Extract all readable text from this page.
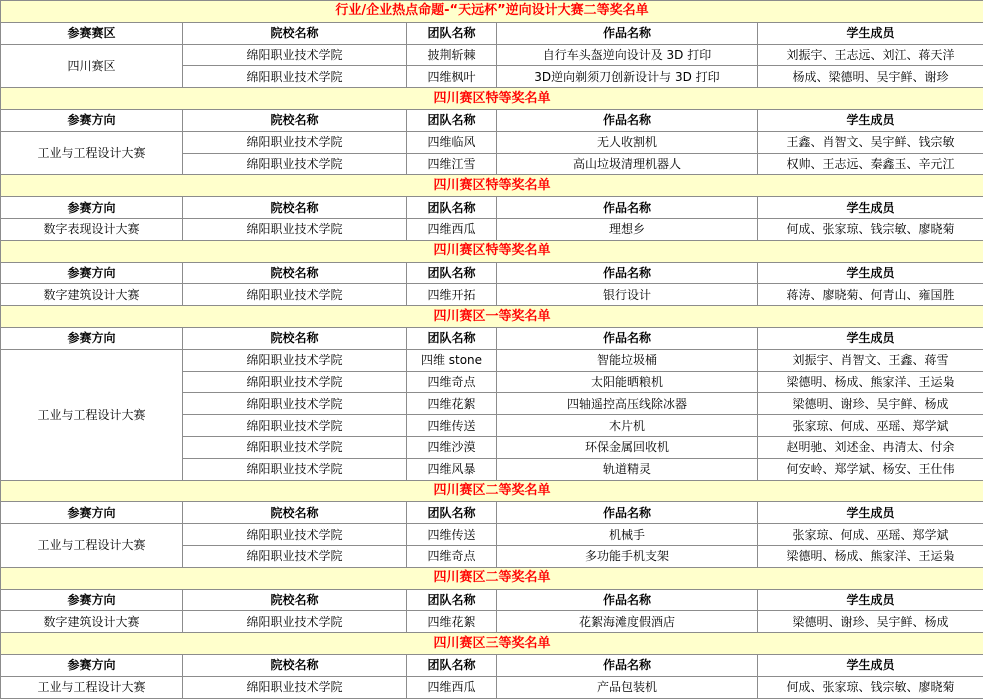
行业/企业热点命题-“天远杯”逆向设计大赛二等奖名单				
参赛赛区	院校名称	团队名称	作品名称	学生成员
四川赛区	绵阳职业技术学院	披荆斩棘	自行车头盔逆向设计及 3D 打印	刘振宇、王志远、刘江、蒋天洋
	绵阳职业技术学院	四维枫叶	3D逆向剃须刀创新设计与 3D 打印	杨成、梁德明、吴宇鲜、谢珍
四川赛区特等奖名单				
参赛方向	院校名称	团队名称	作品名称	学生成员
工业与工程设计大赛	绵阳职业技术学院	四维临风	无人收割机	王鑫、肖智文、吴宇鲜、钱宗敏
	绵阳职业技术学院	四维江雪	高山垃圾清理机器人	权帅、王志远、秦鑫玉、辛元江
四川赛区特等奖名单				
参赛方向	院校名称	团队名称	作品名称	学生成员
数字表现设计大赛	绵阳职业技术学院	四维西瓜	理想乡	何成、张家琼、钱宗敏、廖晓菊
四川赛区特等奖名单				
参赛方向	院校名称	团队名称	作品名称	学生成员
数字建筑设计大赛	绵阳职业技术学院	四维开拓	银行设计	蒋涛、廖晓菊、何青山、雍国胜
四川赛区一等奖名单				
参赛方向	院校名称	团队名称	作品名称	学生成员
工业与工程设计大赛	绵阳职业技术学院	四维 stone	智能垃圾桶	刘振宇、肖智文、王鑫、蒋雪
	绵阳职业技术学院	四维奇点	太阳能晒粮机	梁德明、杨成、熊家洋、王运枭
	绵阳职业技术学院	四维花絮	四轴遥控高压线除冰器	梁德明、谢珍、吴宇鲜、杨成
	绵阳职业技术学院	四维传送	木片机	张家琼、何成、巫瑶、郑学斌
	绵阳职业技术学院	四维沙漠	环保金属回收机	赵明驰、刘述金、冉清太、付余
	绵阳职业技术学院	四维风暴	轨道精灵	何安岭、郑学斌、杨安、王仕伟
四川赛区二等奖名单				
参赛方向	院校名称	团队名称	作品名称	学生成员
工业与工程设计大赛	绵阳职业技术学院	四维传送	机械手	张家琼、何成、巫瑶、郑学斌
	绵阳职业技术学院	四维奇点	多功能手机支架	梁德明、杨成、熊家洋、王运枭
四川赛区二等奖名单				
参赛方向	院校名称	团队名称	作品名称	学生成员
数字建筑设计大赛	绵阳职业技术学院	四维花絮	花絮海滩度假酒店	梁德明、谢珍、吴宇鲜、杨成
四川赛区三等奖名单				
参赛方向	院校名称	团队名称	作品名称	学生成员
工业与工程设计大赛	绵阳职业技术学院	四维西瓜	产品包装机	何成、张家琼、钱宗敏、廖晓菊
